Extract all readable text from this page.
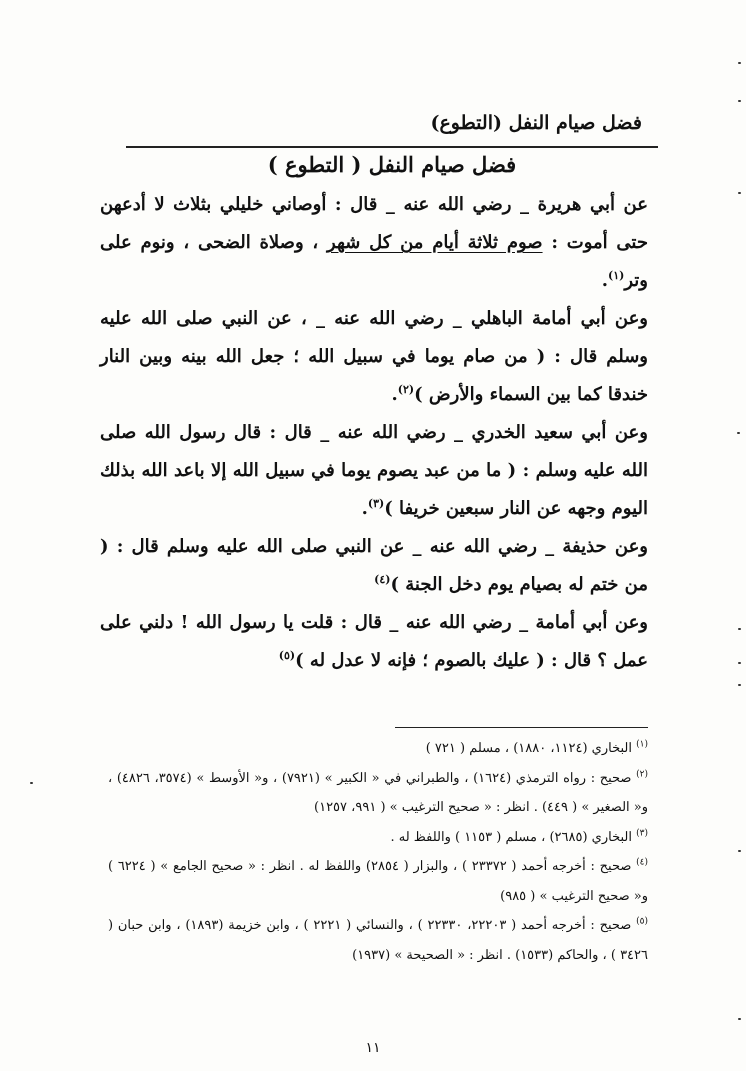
فضل صيام النفل (التطوع)
فضل صيام النفل ( التطوع )

عن أبي هريرة _ رضي الله عنه _ قال : أوصاني خليلي بثلاث لا أدعهن حتى أموت : صوم ثلاثة أيام من كل شهر ، وصلاة الضحى ، ونوم على وتر$^{(١)}$.

وعن أبي أمامة الباهلي _ رضي الله عنه _ ، عن النبي صلى الله عليه وسلم قال : ( من صام يوما في سبيل الله ؛ جعل الله بينه وبين النار خندقا كما بين السماء والأرض )$^{(٢)}$.

وعن أبي سعيد الخدري _ رضي الله عنه _ قال : قال رسول الله صلى الله عليه وسلم : ( ما من عبد يصوم يوما في سبيل الله إلا باعد الله بذلك اليوم وجهه عن النار سبعين خريفا )$^{(٣)}$.

وعن حذيفة _ رضي الله عنه _ عن النبي صلى الله عليه وسلم قال : ( من ختم له بصيام يوم دخل الجنة )$^{(٤)}$

وعن أبي أمامة _ رضي الله عنه _ قال : قلت يا رسول الله ! دلني على عمل ؟ قال : ( عليك بالصوم ؛ فإنه لا عدل له )$^{(٥)}$

$^{(١)}$ البخاري (١١٢٤، ١٨٨٠) ، مسلم ( ٧٢١ )

$^{(٢)}$ صحيح : رواه الترمذي (١٦٢٤) ، والطبراني في « الكبير » (٧٩٢١) ، و« الأوسط » (٣٥٧٤، ٤٨٢٦) ، و« الصغير » ( ٤٤٩) . انظر : « صحيح الترغيب » ( ٩٩١، ١٢٥٧)

$^{(٣)}$ البخاري (٢٦٨٥) ، مسلم ( ١١٥٣ ) واللفظ له .

$^{(٤)}$ صحيح : أخرجه أحمد ( ٢٣٣٧٢ ) ، والبزار ( ٢٨٥٤) واللفظ له . انظر : « صحيح الجامع » ( ٦٢٢٤ ) و« صحيح الترغيب » ( ٩٨٥)

$^{(٥)}$ صحيح : أخرجه أحمد ( ٢٢٢٠٣، ٢٢٣٣٠ ) ، والنسائي ( ٢٢٢١ ) ، وابن خزيمة (١٨٩٣) ، وابن حبان ( ٣٤٢٦ ) ، والحاكم (١٥٣٣) . انظر : « الصحيحة » (١٩٣٧)

١١
